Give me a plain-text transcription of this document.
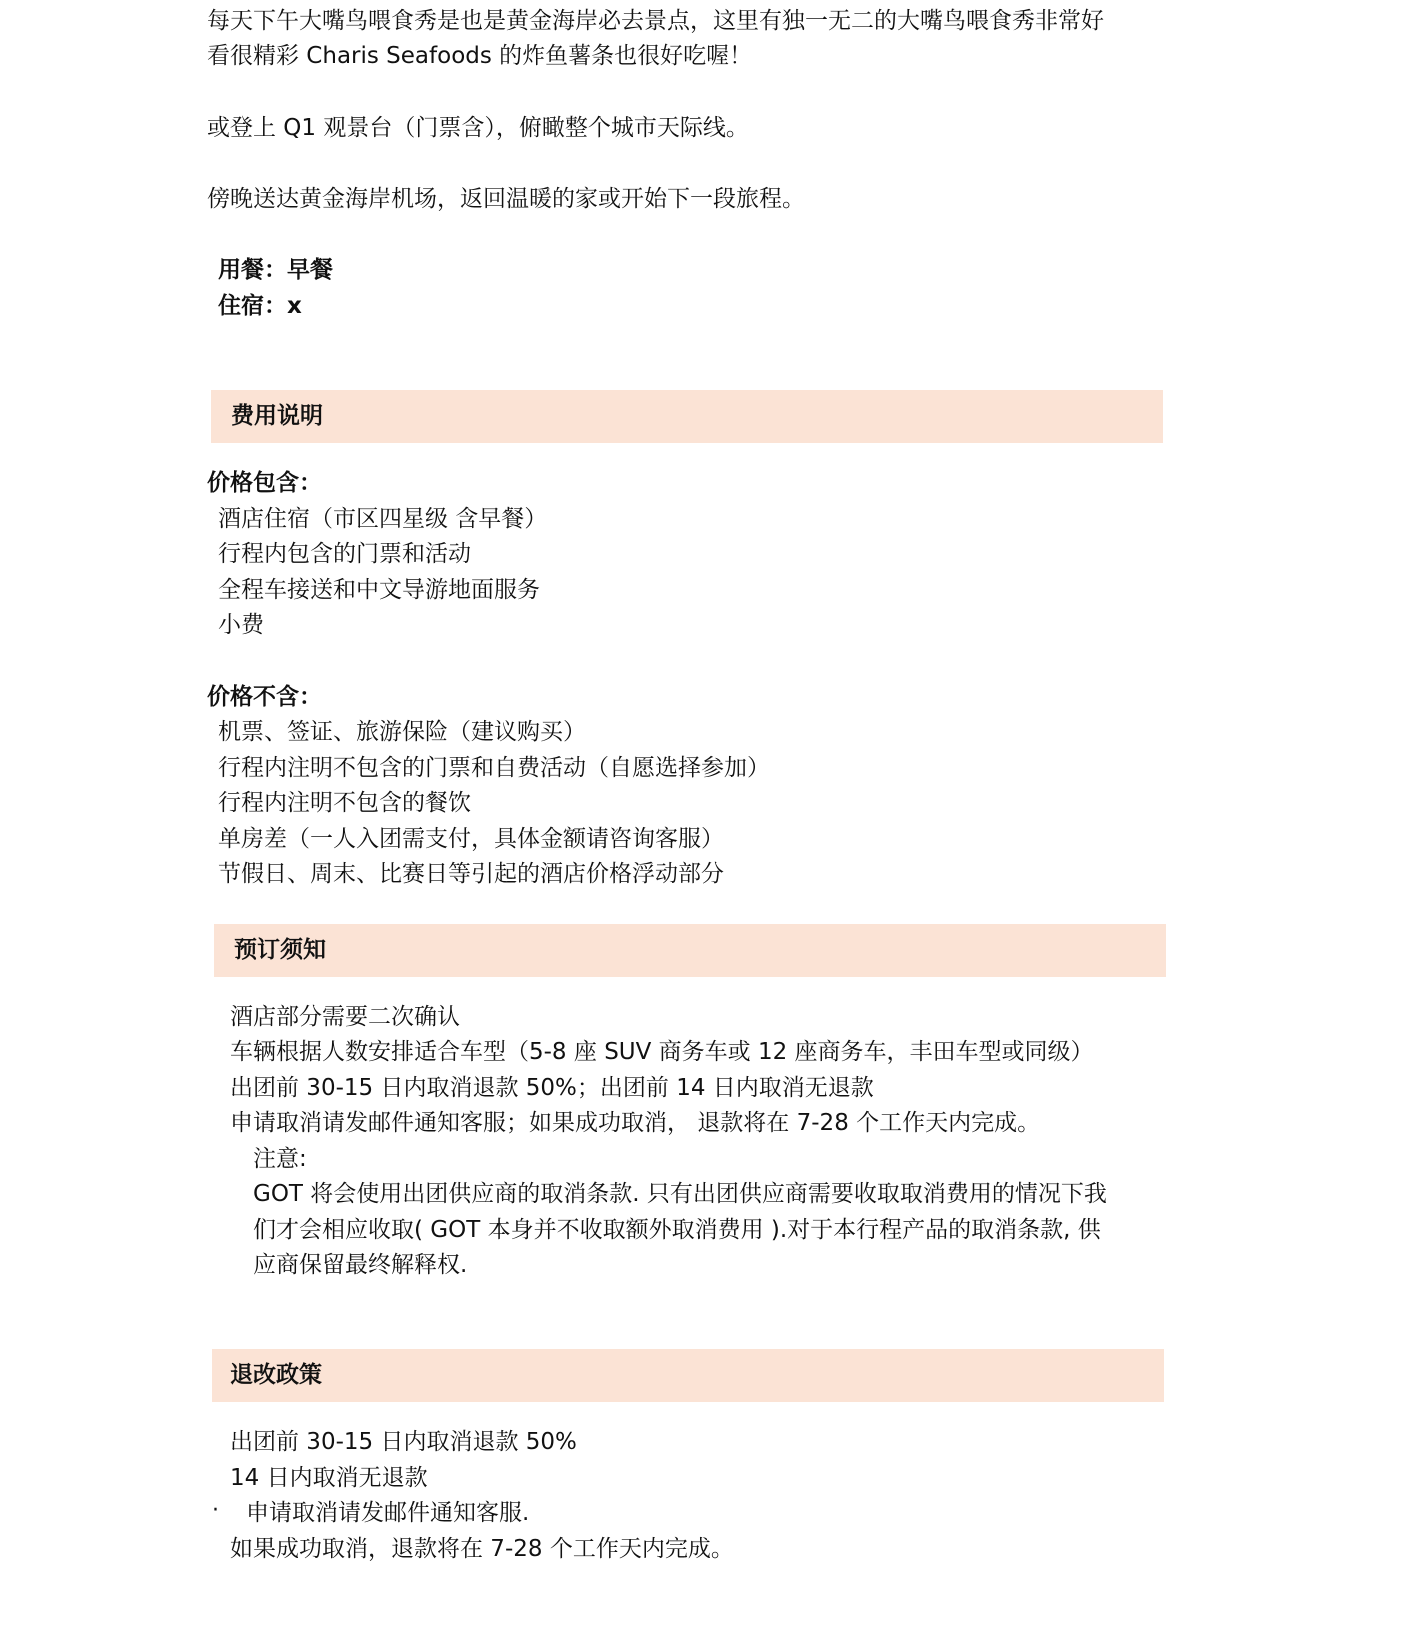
每天下午大嘴鸟喂食秀是也是黄金海岸必去景点，这里有独一无二的大嘴鸟喂食秀非常好
看很精彩 Charis Seafoods 的炸鱼薯条也很好吃喔！
或登上 Q1 观景台（门票含），俯瞰整个城市天际线。
傍晚送达黄金海岸机场，返回温暖的家或开始下一段旅程。
用餐：早餐
住宿：x
费用说明
价格包含：
酒店住宿（市区四星级 含早餐）
行程内包含的门票和活动
全程车接送和中文导游地面服务
小费
价格不含：
机票、签证、旅游保险（建议购买）
行程内注明不包含的门票和自费活动（自愿选择参加）
行程内注明不包含的餐饮
单房差（一人入团需支付，具体金额请咨询客服）
节假日、周末、比赛日等引起的酒店价格浮动部分
预订须知
酒店部分需要二次确认
车辆根据人数安排适合车型（5-8 座 SUV 商务车或 12 座商务车，丰田车型或同级）
出团前 30-15 日内取消退款 50%；出团前 14 日内取消无退款
申请取消请发邮件通知客服；如果成功取消， 退款将在 7-28 个工作天内完成。
注意:
GOT 将会使用出团供应商的取消条款. 只有出团供应商需要收取取消费用的情况下我
们才会相应收取( GOT 本身并不收取额外取消费用 ).对于本行程产品的取消条款, 供
应商保留最终解释权.
退改政策
出团前 30-15 日内取消退款 50%
14 日内取消无退款
· 申请取消请发邮件通知客服.
如果成功取消，退款将在 7-28 个工作天内完成。
